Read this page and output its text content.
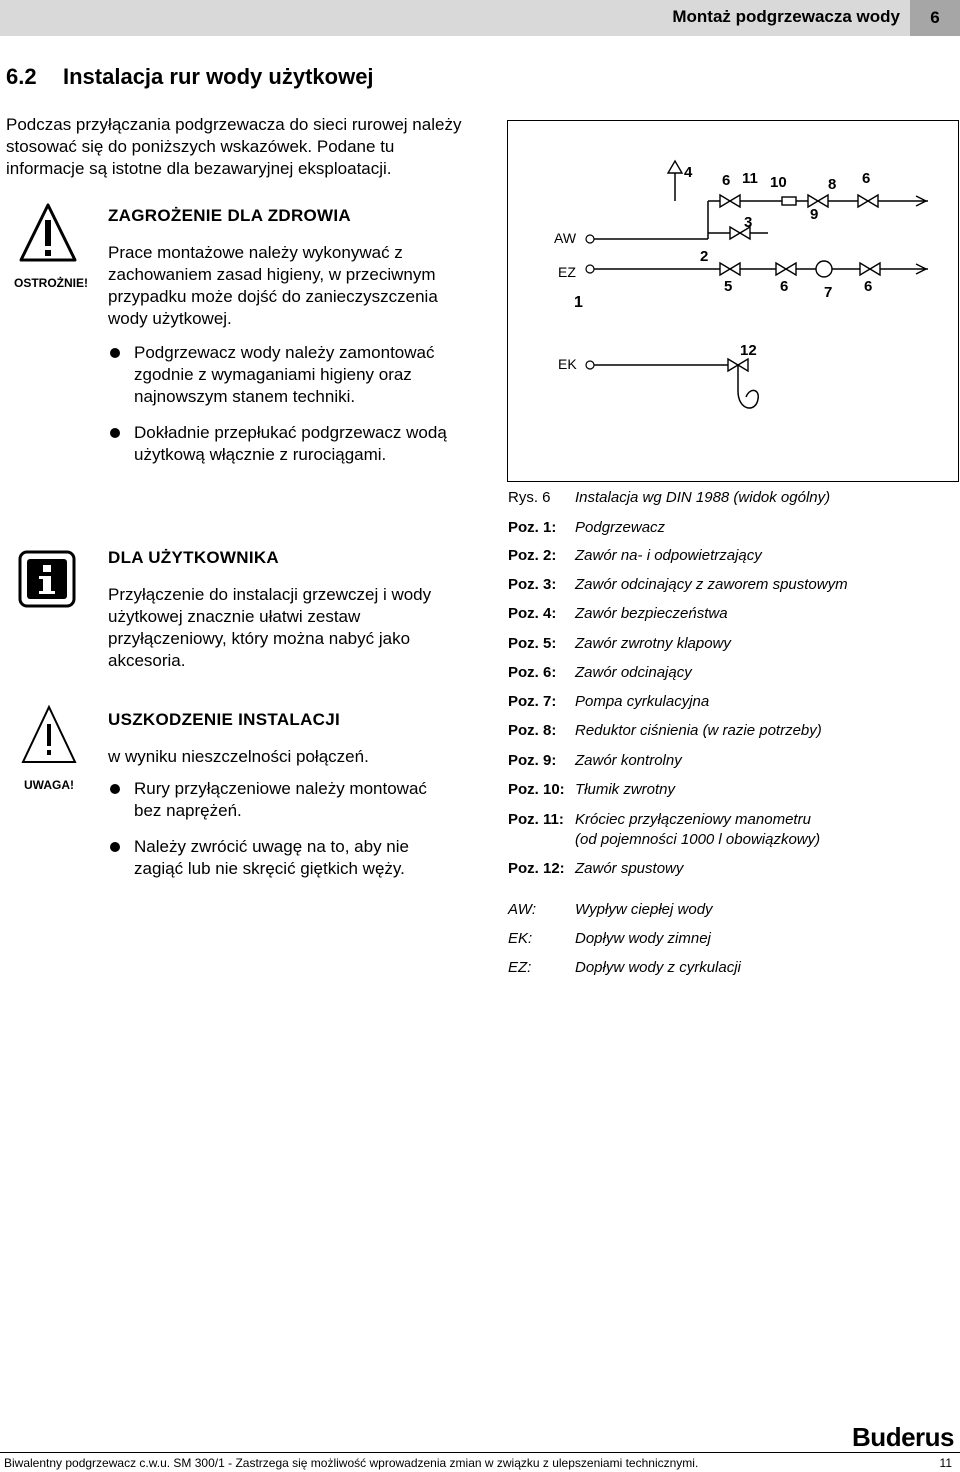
Montaż podgrzewacza wody	6
6.2 Instalacja rur wody użytkowej
Podczas przyłączania podgrzewacza do sieci rurowej należy stosować się do poniższych wskazówek. Podane tu informacje są istotne dla bezawaryjnej eksploatacji.
OSTROŻNIE!
ZAGROŻENIE DLA ZDROWIA
Prace montażowe należy wykonywać z zachowaniem zasad higieny, w przeciwnym przypadku może dojść do zanieczyszczenia wody użytkowej.
Podgrzewacz wody należy zamontować zgodnie z wymaganiami higieny oraz najnowszym stanem techniki.
Dokładnie przepłukać podgrzewacz wodą użytkową włącznie z rurociągami.
DLA UŻYTKOWNIKA
Przyłączenie do instalacji grzewczej i wody użytkowej znacznie ułatwi zestaw przyłączeniowy, który można nabyć jako akcesoria.
UWAGA!
USZKODZENIE INSTALACJI
w wyniku nieszczelności połączeń.
Rury przyłączeniowe należy montować bez naprężeń.
Należy zwrócić uwagę na to, aby nie zagiąć lub nie skręcić giętkich węży.
AW
EZ
EK
1
2
3
4
5
6	6
6	6
7
8
9
10
11
12
Rys. 6 Instalacja wg DIN 1988 (widok ogólny)
Poz. 1: Podgrzewacz
Poz. 2: Zawór na- i odpowietrzający
Poz. 3: Zawór odcinający z zaworem spustowym
Poz. 4: Zawór bezpieczeństwa
Poz. 5: Zawór zwrotny klapowy
Poz. 6: Zawór odcinający
Poz. 7: Pompa cyrkulacyjna
Poz. 8: Reduktor ciśnienia (w razie potrzeby)
Poz. 9: Zawór kontrolny
Poz. 10: Tłumik zwrotny
Poz. 11: Króciec przyłączeniowy manometru
(od pojemności 1000 l obowiązkowy)
Poz. 12: Zawór spustowy
AW:	Wypływ ciepłej wody
EK:	Dopływ wody zimnej
EZ:	Dopływ wody z cyrkulacji
Buderus
Biwalentny podgrzewacz c.w.u. SM 300/1 - Zastrzega się możliwość wprowadzenia zmian w związku z ulepszeniami technicznymi.	11
